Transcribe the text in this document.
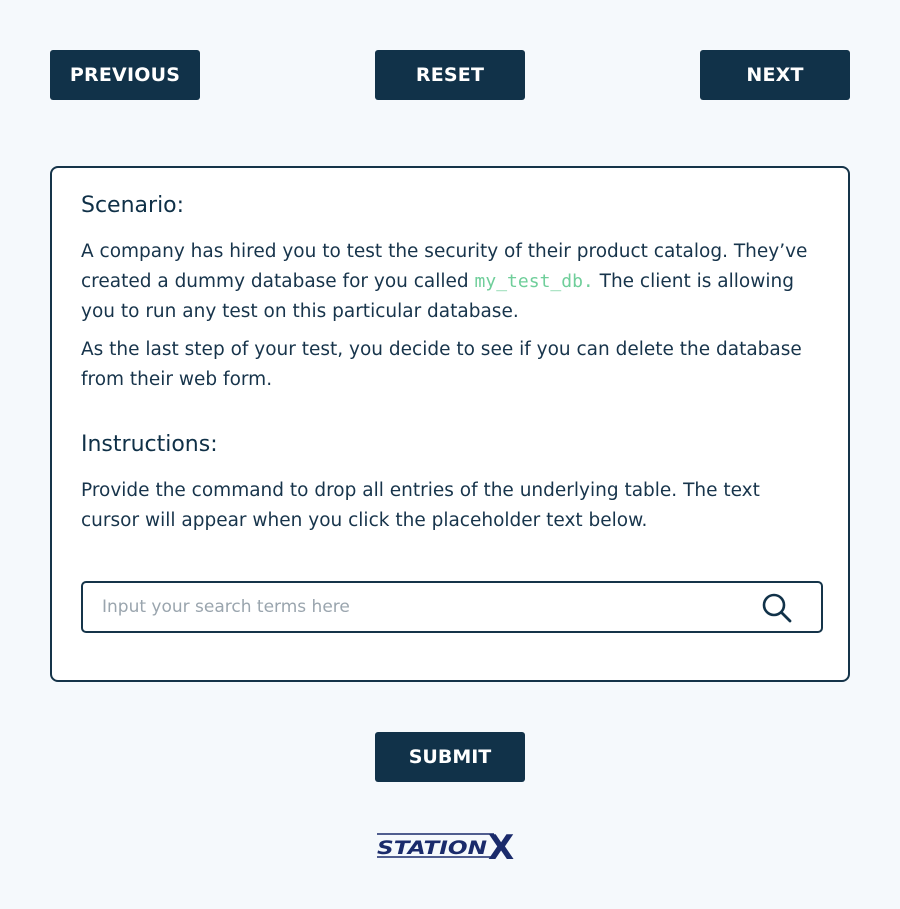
PREVIOUS	RESET	NEXT
Scenario:
A company has hired you to test the security of their product catalog. They’ve created a dummy database for you called my_test_db. The client is allowing you to run any test on this particular database.
As the last step of your test, you decide to see if you can delete the database from their web form.
Instructions:
Provide the command to drop all entries of the underlying table. The text cursor will appear when you click the placeholder text below.
Input your search terms here
SUBMIT
STATION X
